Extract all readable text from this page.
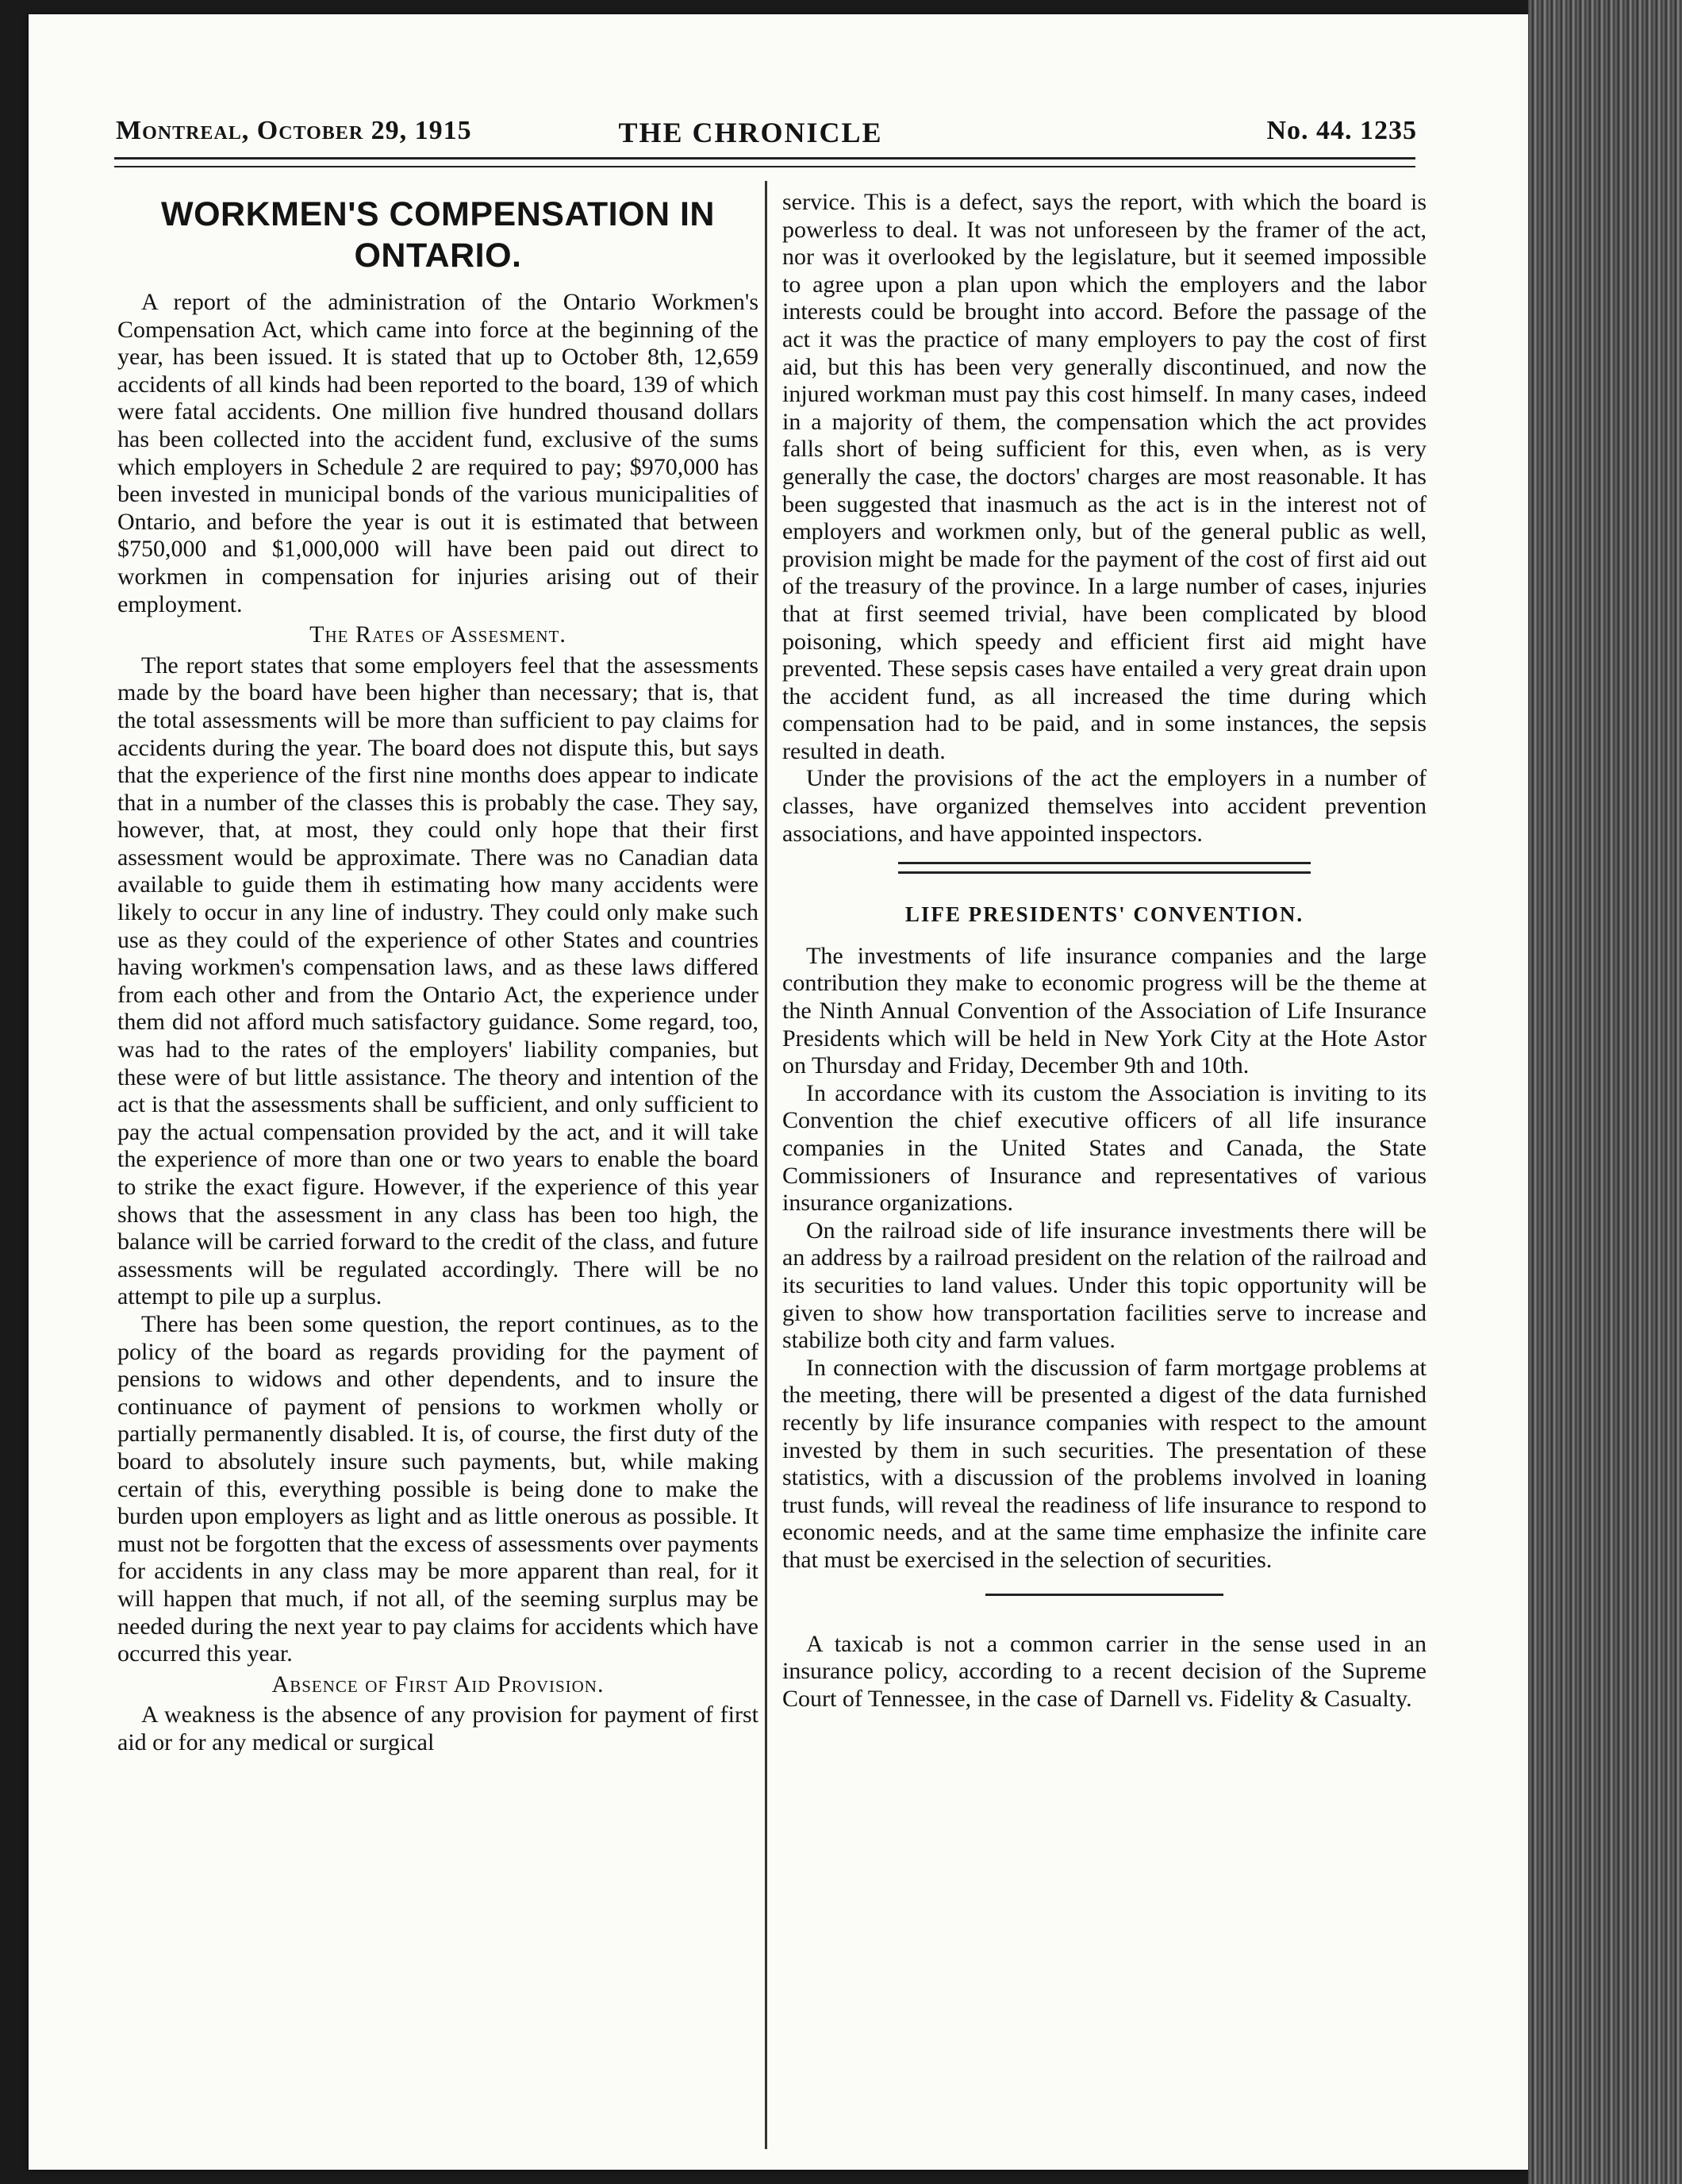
Montreal, October 29, 1915	THE CHRONICLE	No. 44. 1235
WORKMEN'S COMPENSATION IN ONTARIO.

A report of the administration of the Ontario Workmen's Compensation Act, which came into force at the beginning of the year, has been issued. It is stated that up to October 8th, 12,659 accidents of all kinds had been reported to the board, 139 of which were fatal accidents. One million five hundred thousand dollars has been collected into the accident fund, exclusive of the sums which employers in Schedule 2 are required to pay; $970,000 has been invested in municipal bonds of the various municipalities of Ontario, and before the year is out it is estimated that between $750,000 and $1,000,000 will have been paid out direct to workmen in compensation for injuries arising out of their employment.

The Rates of Assesment.

The report states that some employers feel that the assessments made by the board have been higher than necessary; that is, that the total assessments will be more than sufficient to pay claims for accidents during the year. The board does not dispute this, but says that the experience of the first nine months does appear to indicate that in a number of the classes this is probably the case. They say, however, that, at most, they could only hope that their first assessment would be approximate. There was no Canadian data available to guide them ih estimating how many accidents were likely to occur in any line of industry. They could only make such use as they could of the experience of other States and countries having workmen's compensation laws, and as these laws differed from each other and from the Ontario Act, the experience under them did not afford much satisfactory guidance. Some regard, too, was had to the rates of the employers' liability companies, but these were of but little assistance. The theory and intention of the act is that the assessments shall be sufficient, and only sufficient to pay the actual compensation provided by the act, and it will take the experience of more than one or two years to enable the board to strike the exact figure. However, if the experience of this year shows that the assessment in any class has been too high, the balance will be carried forward to the credit of the class, and future assessments will be regulated accordingly. There will be no attempt to pile up a surplus.

There has been some question, the report continues, as to the policy of the board as regards providing for the payment of pensions to widows and other dependents, and to insure the continuance of payment of pensions to workmen wholly or partially permanently disabled. It is, of course, the first duty of the board to absolutely insure such payments, but, while making certain of this, everything possible is being done to make the burden upon employers as light and as little onerous as possible. It must not be forgotten that the excess of assessments over payments for accidents in any class may be more apparent than real, for it will happen that much, if not all, of the seeming surplus may be needed during the next year to pay claims for accidents which have occurred this year.

Absence of First Aid Provision.

A weakness is the absence of any provision for payment of first aid or for any medical or surgical

service. This is a defect, says the report, with which the board is powerless to deal. It was not unforeseen by the framer of the act, nor was it overlooked by the legislature, but it seemed impossible to agree upon a plan upon which the employers and the labor interests could be brought into accord. Before the passage of the act it was the practice of many employers to pay the cost of first aid, but this has been very generally discontinued, and now the injured workman must pay this cost himself. In many cases, indeed in a majority of them, the compensation which the act provides falls short of being sufficient for this, even when, as is very generally the case, the doctors' charges are most reasonable. It has been suggested that inasmuch as the act is in the interest not of employers and workmen only, but of the general public as well, provision might be made for the payment of the cost of first aid out of the treasury of the province. In a large number of cases, injuries that at first seemed trivial, have been complicated by blood poisoning, which speedy and efficient first aid might have prevented. These sepsis cases have entailed a very great drain upon the accident fund, as all increased the time during which compensation had to be paid, and in some instances, the sepsis resulted in death.

Under the provisions of the act the employers in a number of classes, have organized themselves into accident prevention associations, and have appointed inspectors.

LIFE PRESIDENTS' CONVENTION.

The investments of life insurance companies and the large contribution they make to economic progress will be the theme at the Ninth Annual Convention of the Association of Life Insurance Presidents which will be held in New York City at the Hote Astor on Thursday and Friday, December 9th and 10th.

In accordance with its custom the Association is inviting to its Convention the chief executive officers of all life insurance companies in the United States and Canada, the State Commissioners of Insurance and representatives of various insurance organizations.

On the railroad side of life insurance investments there will be an address by a railroad president on the relation of the railroad and its securities to land values. Under this topic opportunity will be given to show how transportation facilities serve to increase and stabilize both city and farm values.

In connection with the discussion of farm mortgage problems at the meeting, there will be presented a digest of the data furnished recently by life insurance companies with respect to the amount invested by them in such securities. The presentation of these statistics, with a discussion of the problems involved in loaning trust funds, will reveal the readiness of life insurance to respond to economic needs, and at the same time emphasize the infinite care that must be exercised in the selection of securities.

A taxicab is not a common carrier in the sense used in an insurance policy, according to a recent decision of the Supreme Court of Tennessee, in the case of Darnell vs. Fidelity & Casualty.
